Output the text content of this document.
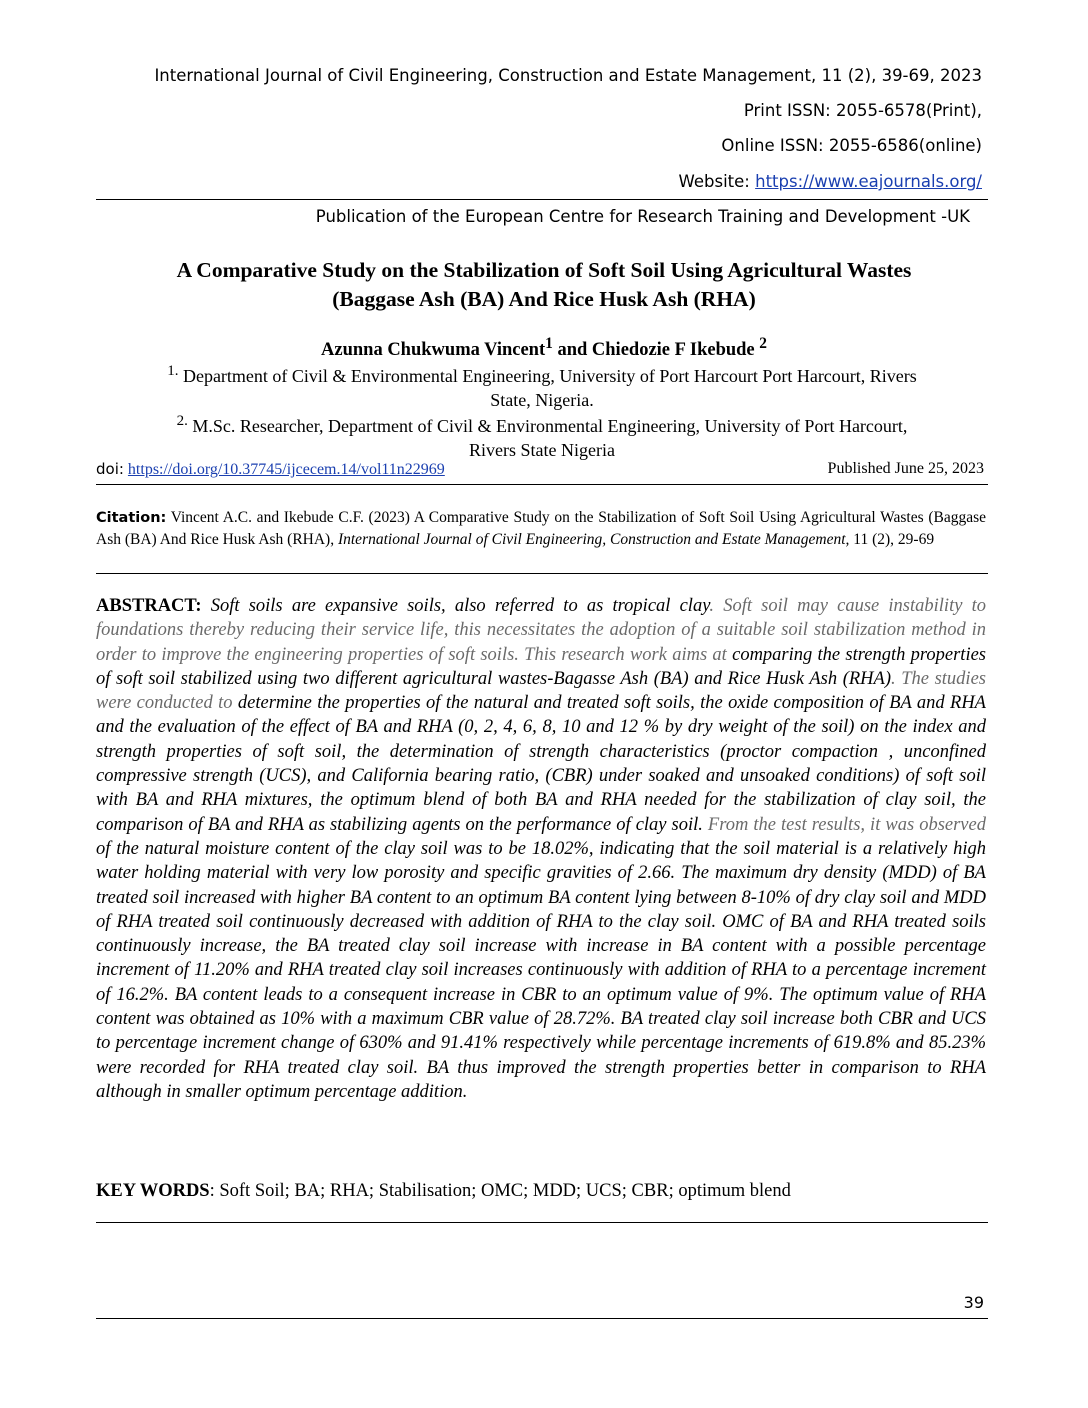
International Journal of Civil Engineering, Construction and Estate Management, 11 (2), 39-69, 2023
Print ISSN: 2055-6578(Print),
Online ISSN: 2055-6586(online)
Website: https://www.eajournals.org/
Publication of the European Centre for Research Training and Development -UK
A Comparative Study on the Stabilization of Soft Soil Using Agricultural Wastes
(Baggase Ash (BA) And Rice Husk Ash (RHA)
Azunna Chukwuma Vincent$^1$ and Chiedozie F Ikebude $^2$
$^{1.}$ Department of Civil & Environmental Engineering, University of Port Harcourt Port Harcourt, Rivers
State, Nigeria.
$^{2.}$ M.Sc. Researcher, Department of Civil & Environmental Engineering, University of Port Harcourt,
Rivers State Nigeria
doi: https://doi.org/10.37745/ijcecem.14/vol11n22969	Published June 25, 2023
Citation: Vincent A.C. and Ikebude C.F. (2023) A Comparative Study on the Stabilization of Soft Soil Using Agricultural Wastes (Baggase Ash (BA) And Rice Husk Ash (RHA), International Journal of Civil Engineering, Construction and Estate Management, 11 (2), 29-69
ABSTRACT: Soft soils are expansive soils, also referred to as tropical clay. Soft soil may cause instability to foundations thereby reducing their service life, this necessitates the adoption of a suitable soil stabilization method in order to improve the engineering properties of soft soils. This research work aims at comparing the strength properties of soft soil stabilized using two different agricultural wastes-Bagasse Ash (BA) and Rice Husk Ash (RHA). The studies were conducted to determine the properties of the natural and treated soft soils, the oxide composition of BA and RHA and the evaluation of the effect of BA and RHA (0, 2, 4, 6, 8, 10 and 12 % by dry weight of the soil) on the index and strength properties of soft soil, the determination of strength characteristics (proctor compaction , unconfined compressive strength (UCS), and California bearing ratio, (CBR) under soaked and unsoaked conditions) of soft soil with BA and RHA mixtures, the optimum blend of both BA and RHA needed for the stabilization of clay soil, the comparison of BA and RHA as stabilizing agents on the performance of clay soil. From the test results, it was observed of the natural moisture content of the clay soil was to be 18.02%, indicating that the soil material is a relatively high water holding material with very low porosity and specific gravities of 2.66. The maximum dry density (MDD) of BA treated soil increased with higher BA content to an optimum BA content lying between 8-10% of dry clay soil and MDD of RHA treated soil continuously decreased with addition of RHA to the clay soil. OMC of BA and RHA treated soils continuously increase, the BA treated clay soil increase with increase in BA content with a possible percentage increment of 11.20% and RHA treated clay soil increases continuously with addition of RHA to a percentage increment of 16.2%. BA content leads to a consequent increase in CBR to an optimum value of 9%. The optimum value of RHA content was obtained as 10% with a maximum CBR value of 28.72%. BA treated clay soil increase both CBR and UCS to percentage increment change of 630% and 91.41% respectively while percentage increments of 619.8% and 85.23% were recorded for RHA treated clay soil. BA thus improved the strength properties better in comparison to RHA although in smaller optimum percentage addition.
KEY WORDS: Soft Soil; BA; RHA; Stabilisation; OMC; MDD; UCS; CBR; optimum blend
39
